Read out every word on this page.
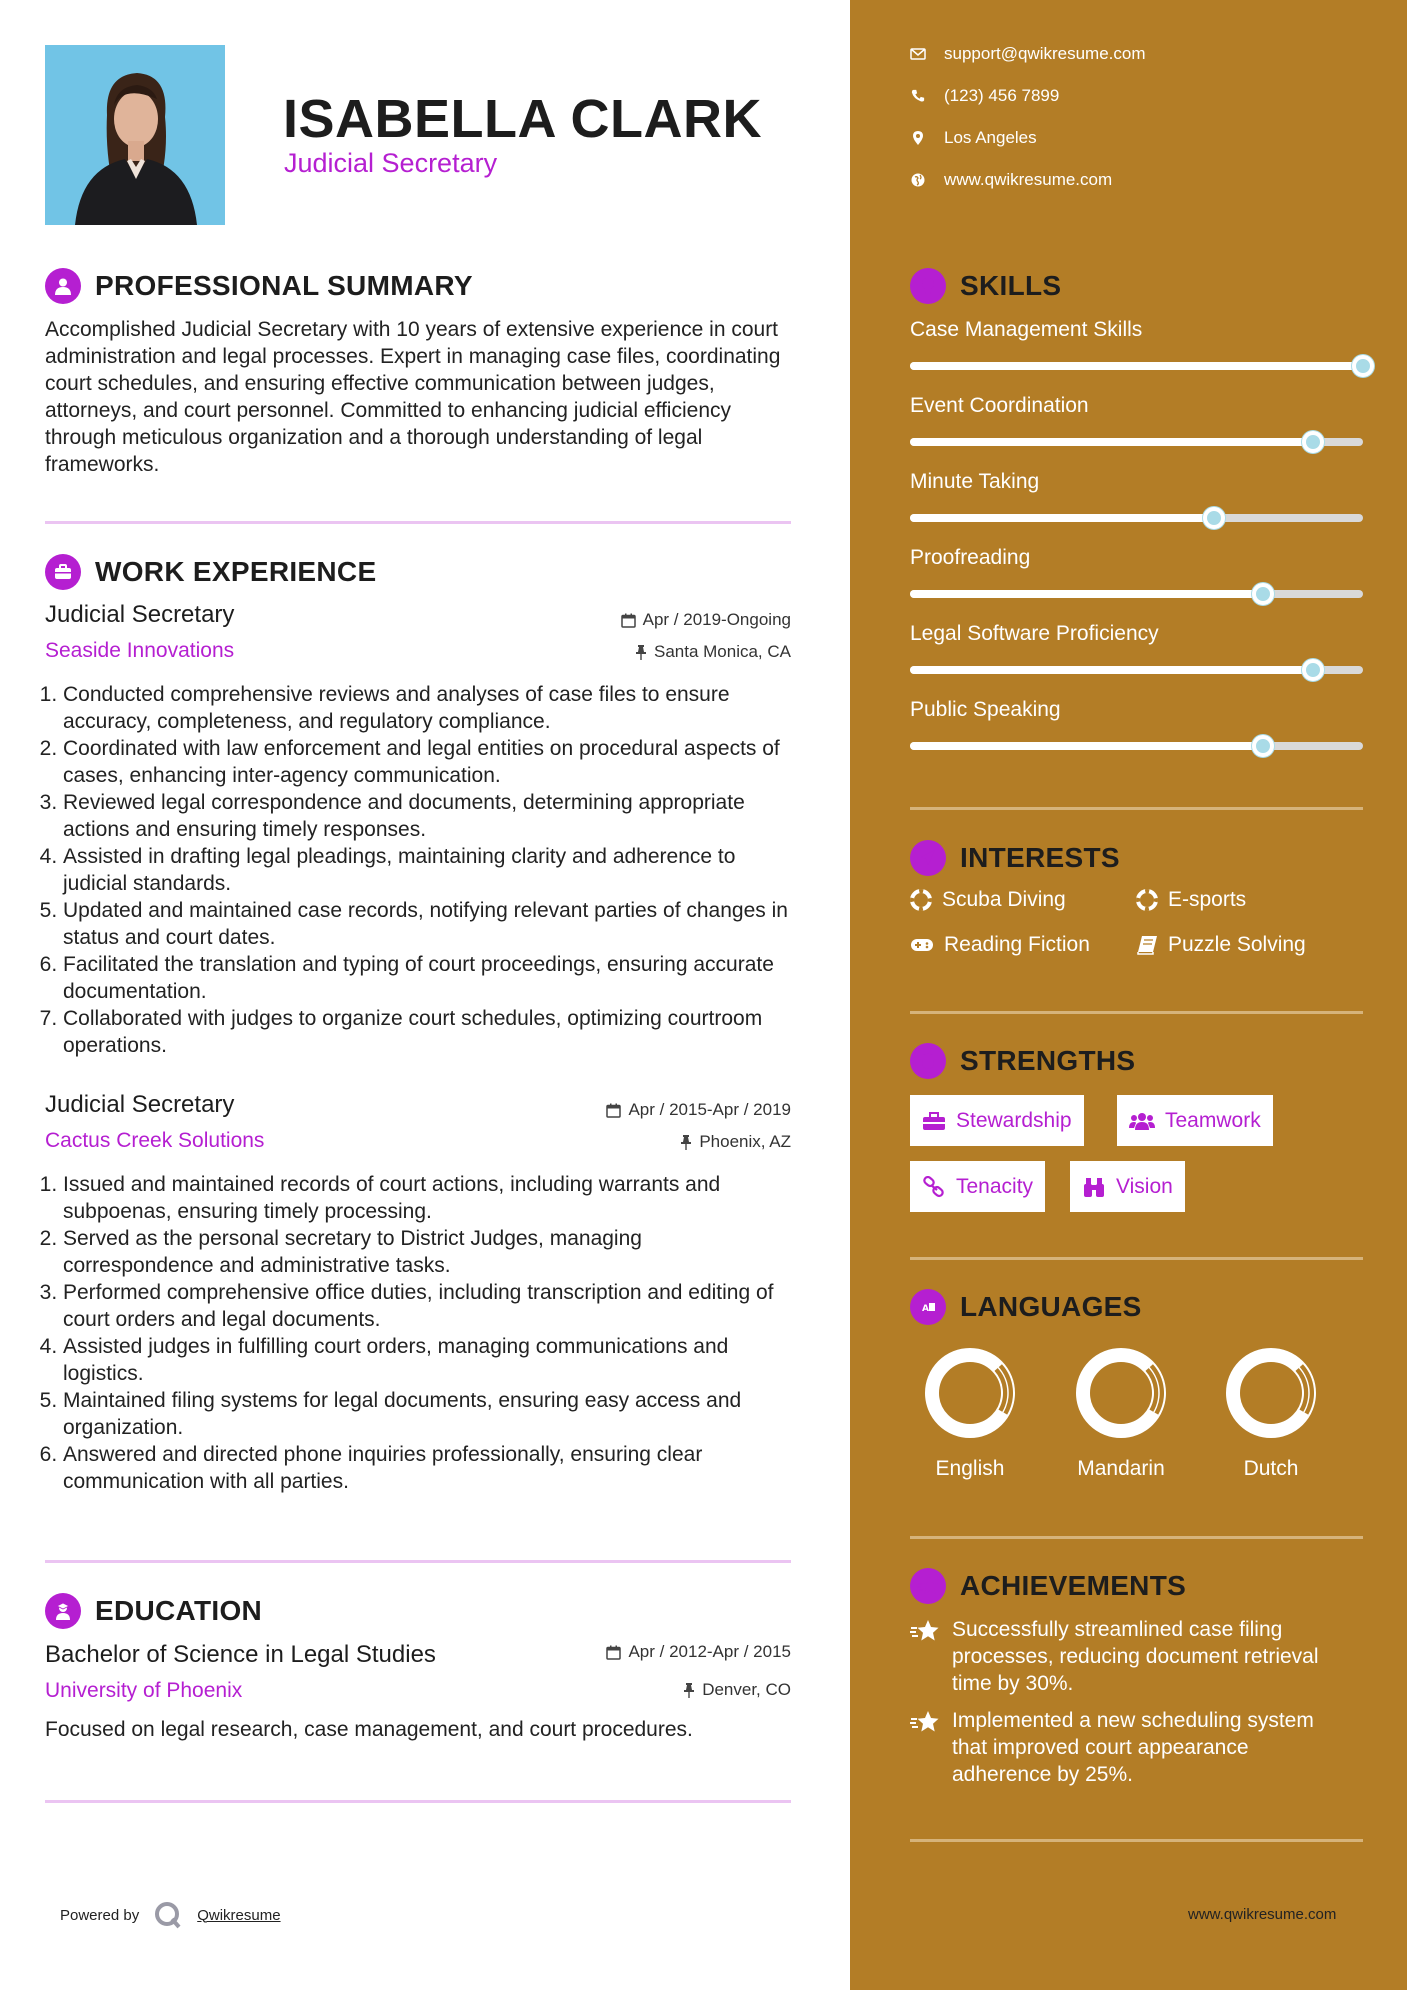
ISABELLA CLARK
Judicial Secretary
PROFESSIONAL SUMMARY
Accomplished Judicial Secretary with 10 years of extensive experience in court administration and legal processes. Expert in managing case files, coordinating court schedules, and ensuring effective communication between judges, attorneys, and court personnel. Committed to enhancing judicial efficiency through meticulous organization and a thorough understanding of legal frameworks.
WORK EXPERIENCE
Judicial Secretary	Apr / 2019-Ongoing
Seaside Innovations	Santa Monica, CA
1. Conducted comprehensive reviews and analyses of case files to ensure accuracy, completeness, and regulatory compliance.
2. Coordinated with law enforcement and legal entities on procedural aspects of cases, enhancing inter-agency communication.
3. Reviewed legal correspondence and documents, determining appropriate actions and ensuring timely responses.
4. Assisted in drafting legal pleadings, maintaining clarity and adherence to judicial standards.
5. Updated and maintained case records, notifying relevant parties of changes in status and court dates.
6. Facilitated the translation and typing of court proceedings, ensuring accurate documentation.
7. Collaborated with judges to organize court schedules, optimizing courtroom operations.
Judicial Secretary	Apr / 2015-Apr / 2019
Cactus Creek Solutions	Phoenix, AZ
1. Issued and maintained records of court actions, including warrants and subpoenas, ensuring timely processing.
2. Served as the personal secretary to District Judges, managing correspondence and administrative tasks.
3. Performed comprehensive office duties, including transcription and editing of court orders and legal documents.
4. Assisted judges in fulfilling court orders, managing communications and logistics.
5. Maintained filing systems for legal documents, ensuring easy access and organization.
6. Answered and directed phone inquiries professionally, ensuring clear communication with all parties.
EDUCATION
Bachelor of Science in Legal Studies	Apr / 2012-Apr / 2015
University of Phoenix	Denver, CO
Focused on legal research, case management, and court procedures.
Powered by	Qwikresume
support@qwikresume.com
(123) 456 7899
Los Angeles
www.qwikresume.com
SKILLS
Case Management Skills
Event Coordination
Minute Taking
Proofreading
Legal Software Proficiency
Public Speaking
INTERESTS
Scuba Diving	E-sports
Reading Fiction	Puzzle Solving
STRENGTHS
Stewardship	Teamwork
Tenacity	Vision
A LANGUAGES
English	Mandarin	Dutch
ACHIEVEMENTS
Successfully streamlined case filing processes, reducing document retrieval time by 30%.
Implemented a new scheduling system that improved court appearance adherence by 25%.
www.qwikresume.com
